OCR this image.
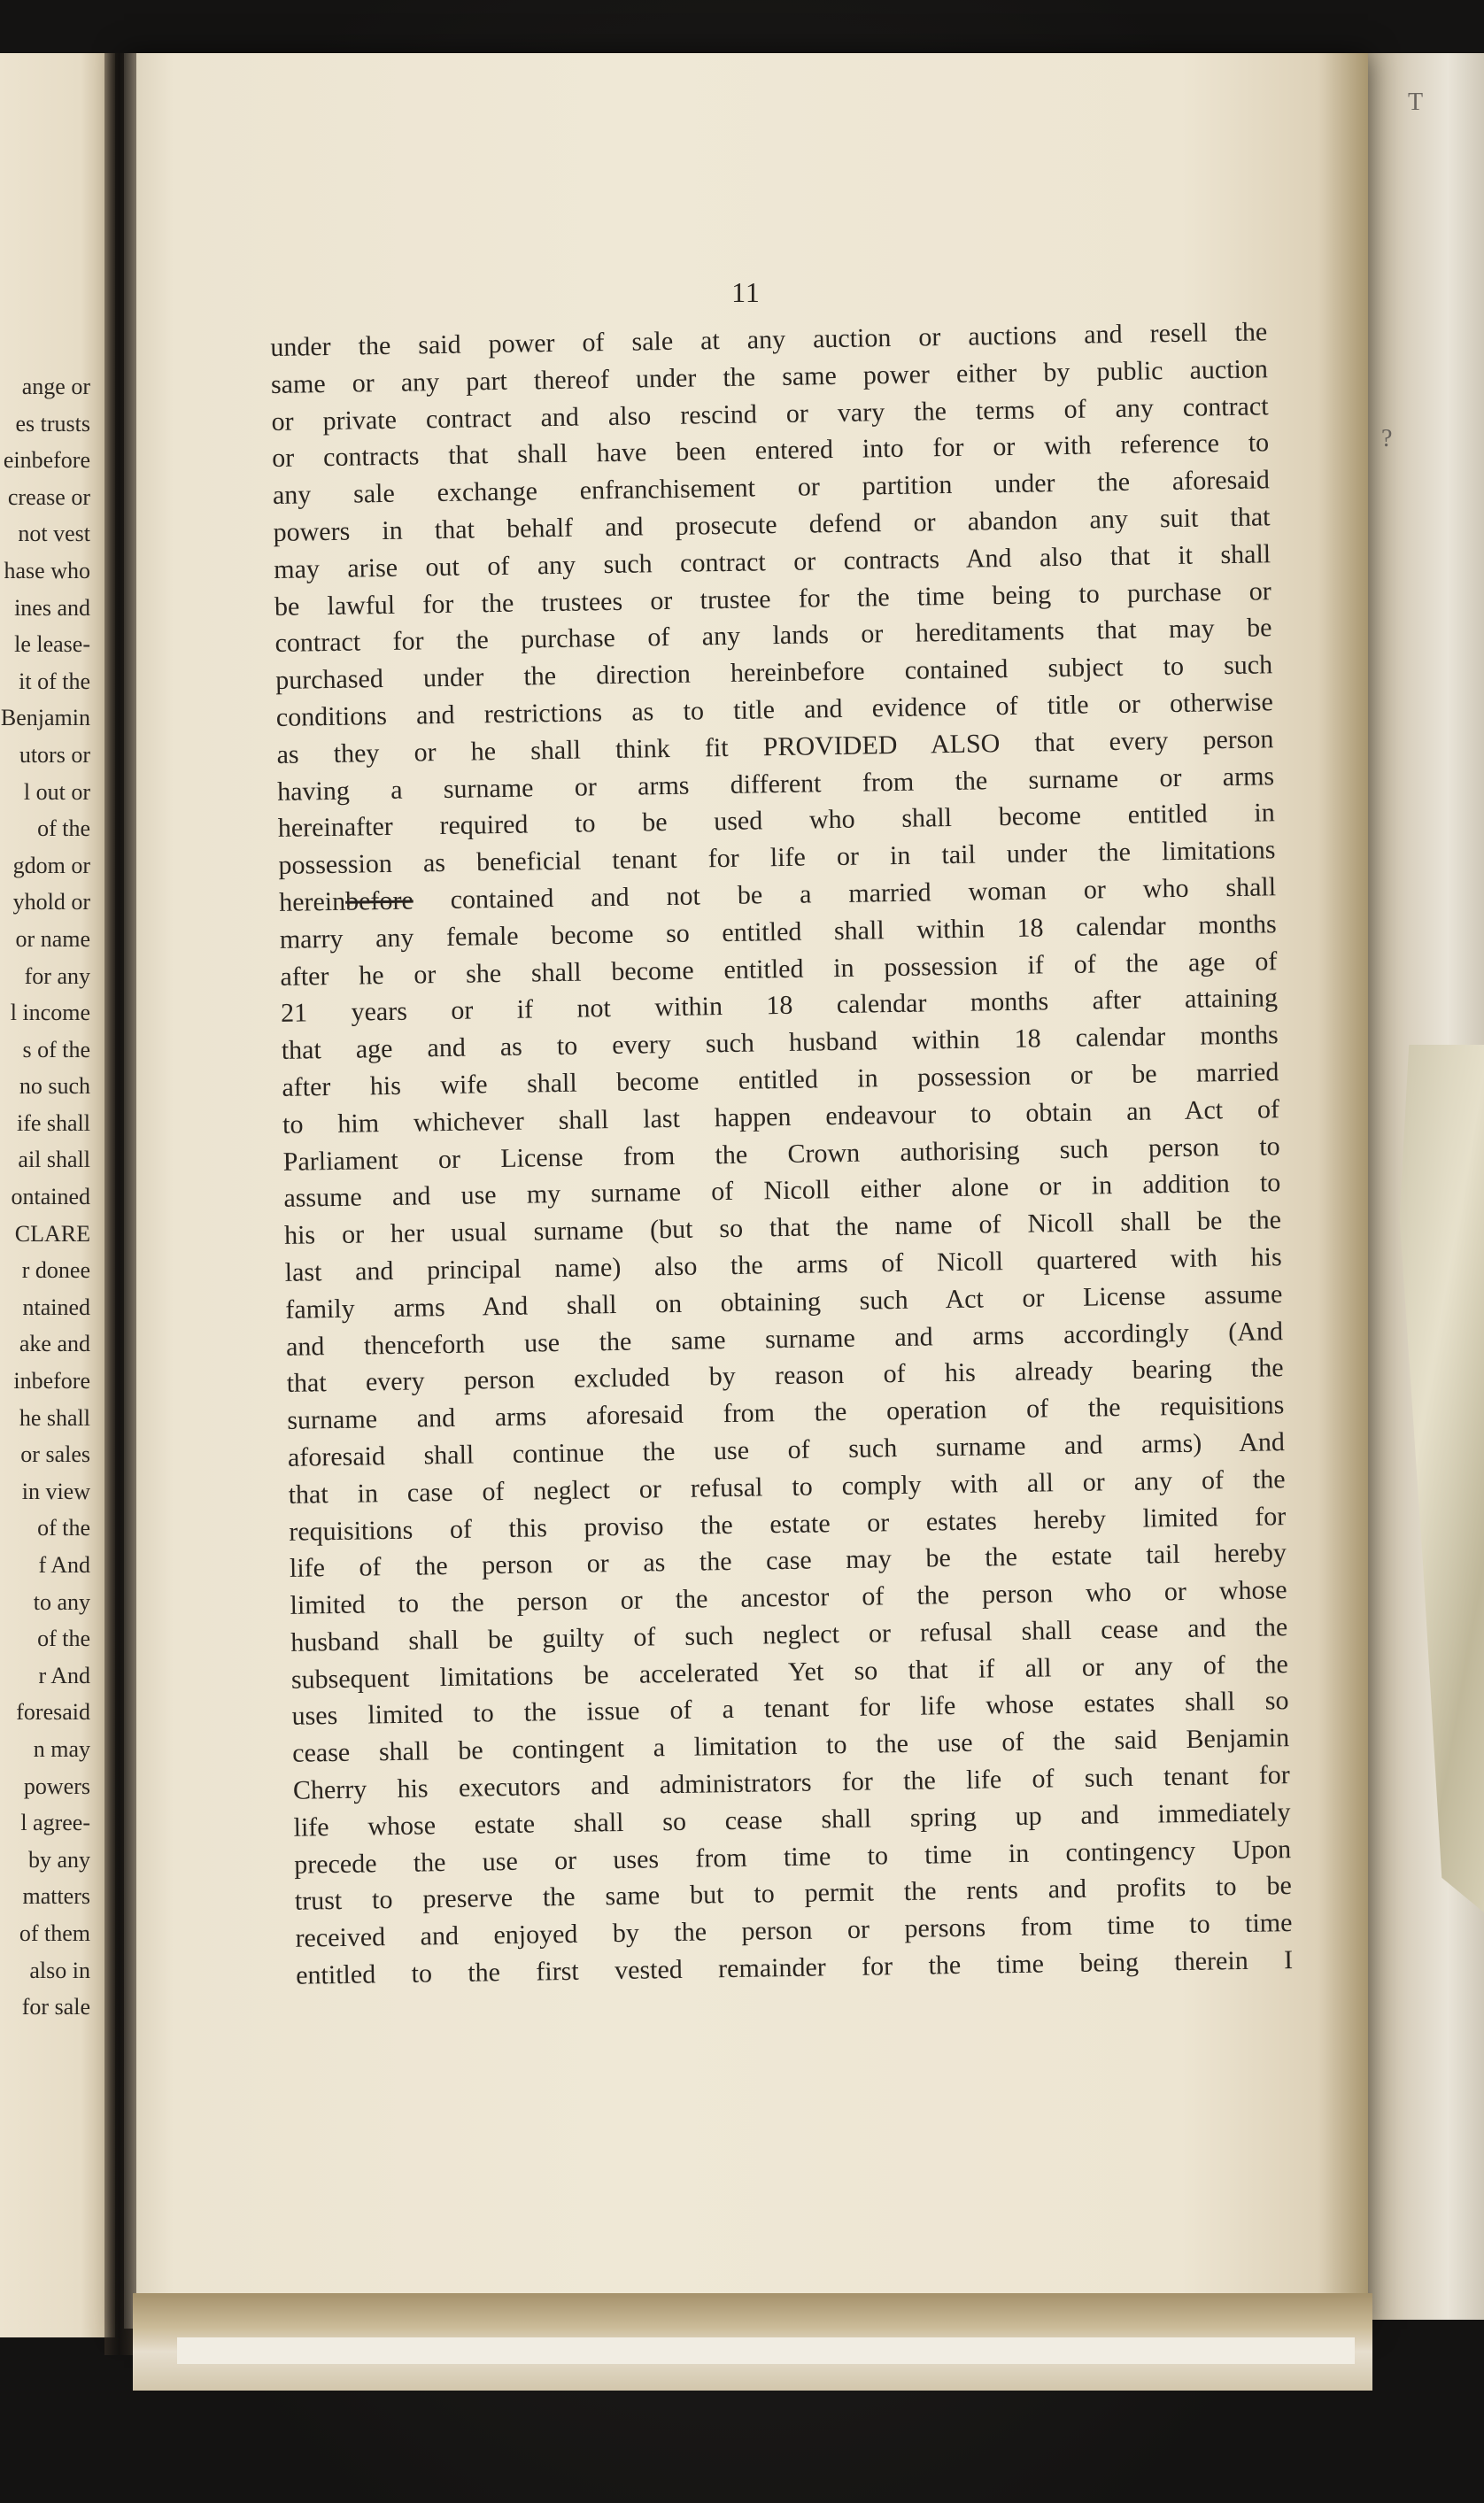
ange or
es trusts
einbefore
crease or
not vest
hase who
ines and
le lease-
it of the
Benjamin
utors or
l out or
of the
gdom or
yhold or
or name
for any
l income
s of the
no such
ife shall
ail shall
ontained
CLARE
r donee
ntained
ake and
inbefore
he shall
or sales
in view
of the
f And
to any
of the
r And
foresaid
n may
powers
l agree-
by any
matters
of them
also in
for sale
T
?
11
under the said power of sale at any auction or auctions and resell the
same or any part thereof under the same power either by public auction
or private contract and also rescind or vary the terms of any contract
or contracts that shall have been entered into for or with reference to
any sale exchange enfranchisement or partition under the aforesaid
powers in that behalf and prosecute defend or abandon any suit that
may arise out of any such contract or contracts And also that it shall
be lawful for the trustees or trustee for the time being to purchase or
contract for the purchase of any lands or hereditaments that may be
purchased under the direction hereinbefore contained subject to such
conditions and restrictions as to title and evidence of title or otherwise
as they or he shall think fit PROVIDED ALSO that every person
having a surname or arms different from the surname or arms
hereinafter required to be used who shall become entitled in
possession as beneficial tenant for life or in tail under the limitations
hereinbefore contained and not be a married woman or who shall
marry any female become so entitled shall within 18 calendar months
after he or she shall become entitled in possession if of the age of
21 years or if not within 18 calendar months after attaining
that age and as to every such husband within 18 calendar months
after his wife shall become entitled in possession or be married
to him whichever shall last happen endeavour to obtain an Act of
Parliament or License from the Crown authorising such person to
assume and use my surname of Nicoll either alone or in addition to
his or her usual surname (but so that the name of Nicoll shall be the
last and principal name) also the arms of Nicoll quartered with his
family arms And shall on obtaining such Act or License assume
and thenceforth use the same surname and arms accordingly (And
that every person excluded by reason of his already bearing the
surname and arms aforesaid from the operation of the requisitions
aforesaid shall continue the use of such surname and arms) And
that in case of neglect or refusal to comply with all or any of the
requisitions of this proviso the estate or estates hereby limited for
life of the person or as the case may be the estate tail hereby
limited to the person or the ancestor of the person who or whose
husband shall be guilty of such neglect or refusal shall cease and the
subsequent limitations be accelerated Yet so that if all or any of the
uses limited to the issue of a tenant for life whose estates shall so
cease shall be contingent a limitation to the use of the said Benjamin
Cherry his executors and administrators for the life of such tenant for
life whose estate shall so cease shall spring up and immediately
precede the use or uses from time to time in contingency Upon
trust to preserve the same but to permit the rents and profits to be
received and enjoyed by the person or persons from time to time
entitled to the first vested remainder for the time being therein I
